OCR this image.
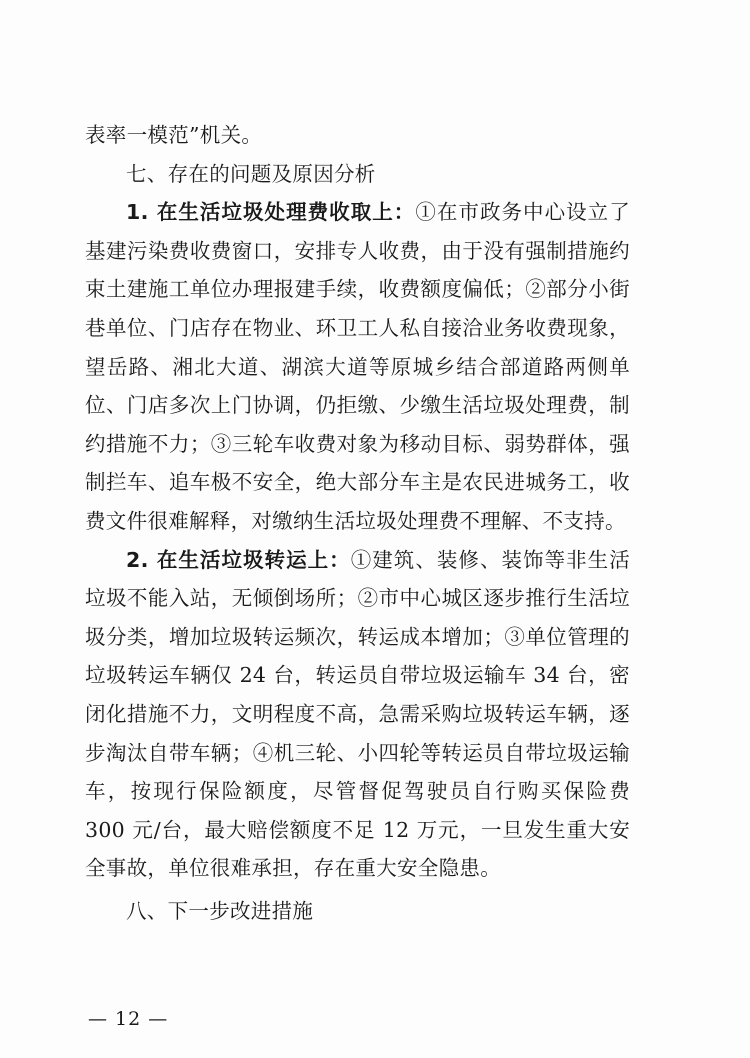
表率一模范”机关。

七、存在的问题及原因分析

1. 在生活垃圾处理费收取上：①在市政务中心设立了基建污染费收费窗口，安排专人收费，由于没有强制措施约束土建施工单位办理报建手续，收费额度偏低；②部分小街巷单位、门店存在物业、环卫工人私自接洽业务收费现象，望岳路、湘北大道、湖滨大道等原城乡结合部道路两侧单位、门店多次上门协调，仍拒缴、少缴生活垃圾处理费，制约措施不力；③三轮车收费对象为移动目标、弱势群体，强制拦车、追车极不安全，绝大部分车主是农民进城务工，收费文件很难解释，对缴纳生活垃圾处理费不理解、不支持。

2. 在生活垃圾转运上：①建筑、装修、装饰等非生活垃圾不能入站，无倾倒场所；②市中心城区逐步推行生活垃圾分类，增加垃圾转运频次，转运成本增加；③单位管理的垃圾转运车辆仅 24 台，转运员自带垃圾运输车 34 台，密闭化措施不力，文明程度不高，急需采购垃圾转运车辆，逐步淘汰自带车辆；④机三轮、小四轮等转运员自带垃圾运输车，按现行保险额度，尽管督促驾驶员自行购买保险费 300 元/台，最大赔偿额度不足 12 万元，一旦发生重大安全事故，单位很难承担，存在重大安全隐患。

八、下一步改进措施

— 12 —
